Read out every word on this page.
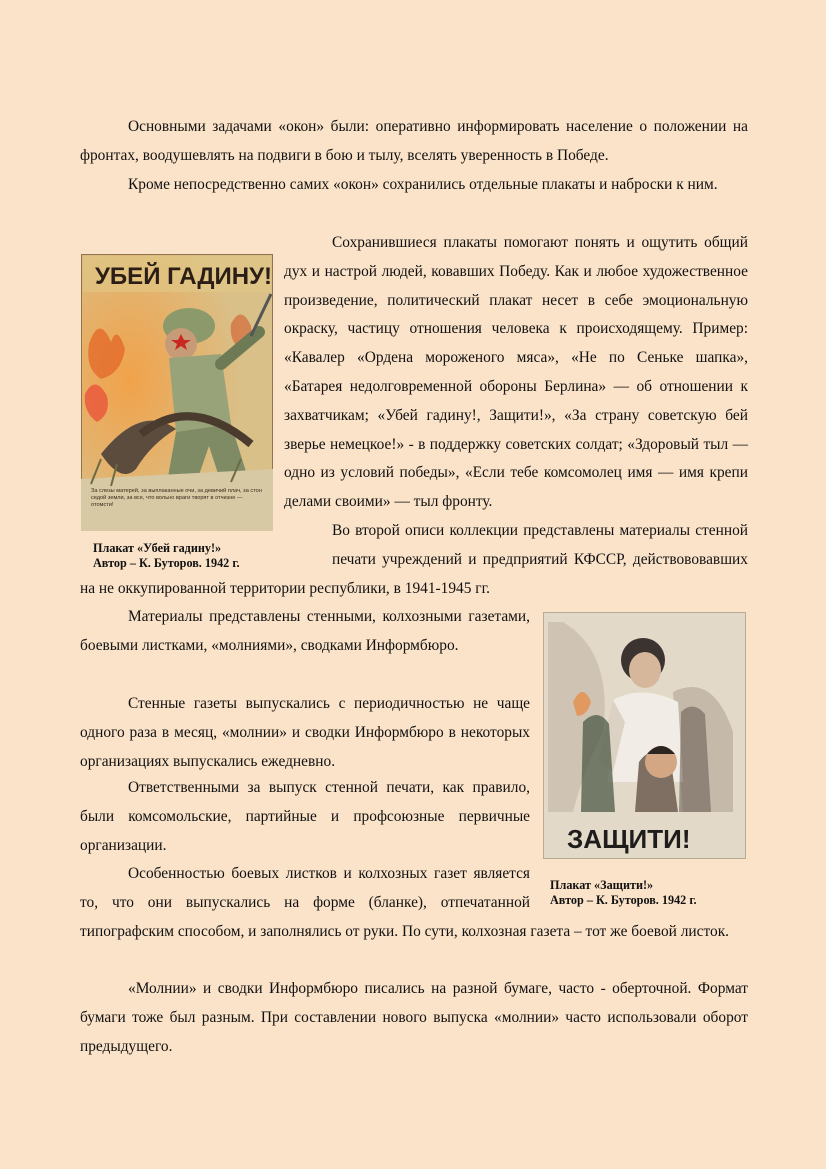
Основными задачами «окон» были: оперативно информировать население о положении на фронтах, воодушевлять на подвиги в бою и тылу, вселять уверенность в Победе.

Кроме непосредственно самих «окон» сохранились отдельные плакаты и наброски к ним.

УБЕЙ ГАДИНУ!
За слезы матерей, за выплаканные очи, за девичий плач, за стон седой земли, за все, что вольно враги творят в отчизне — отомсти!

Плакат «Убей гадину!»
Автор – К. Буторов. 1942 г.

Сохранившиеся плакаты помогают понять и ощутить общий дух и настрой людей, ковавших Победу. Как и любое художественное произведение, политический плакат несет в себе эмоциональную окраску, частицу отношения человека к происходящему. Пример: «Кавалер «Ордена мороженого мяса», «Не по Сеньке шапка», «Батарея недолговременной обороны Берлина» — об отношении к захватчикам; «Убей гадину!, Защити!», «За страну советскую бей зверье немецкое!» - в поддержку советских солдат; «Здоровый тыл — одно из условий победы», «Если тебе комсомолец имя — имя крепи делами своими» — тыл фронту.

Во второй описи коллекции представлены материалы стенной печати учреждений и предприятий КФССР, действововавших на не оккупированной территории республики, в 1941-1945 гг.

ЗАЩИТИ!

Плакат «Защити!»
Автор – К. Буторов. 1942 г.

Материалы представлены стенными, колхозными газетами, боевыми листками, «молниями», сводками Информбюро.

Стенные газеты выпускались с периодичностью не чаще одного раза в месяц, «молнии» и сводки Информбюро в некоторых организациях выпускались ежедневно.

Ответственными за выпуск стенной печати, как правило, были комсомольские, партийные и профсоюзные первичные организации.

Особенностью боевых листков и колхозных газет является то, что они выпускались на форме (бланке), отпечатанной типографским способом, и заполнялись от руки. По сути, колхозная газета – тот же боевой листок.

«Молнии» и сводки Информбюро писались на разной бумаге, часто - оберточной. Формат бумаги тоже был разным. При составлении нового выпуска «молнии» часто использовали оборот предыдущего.
